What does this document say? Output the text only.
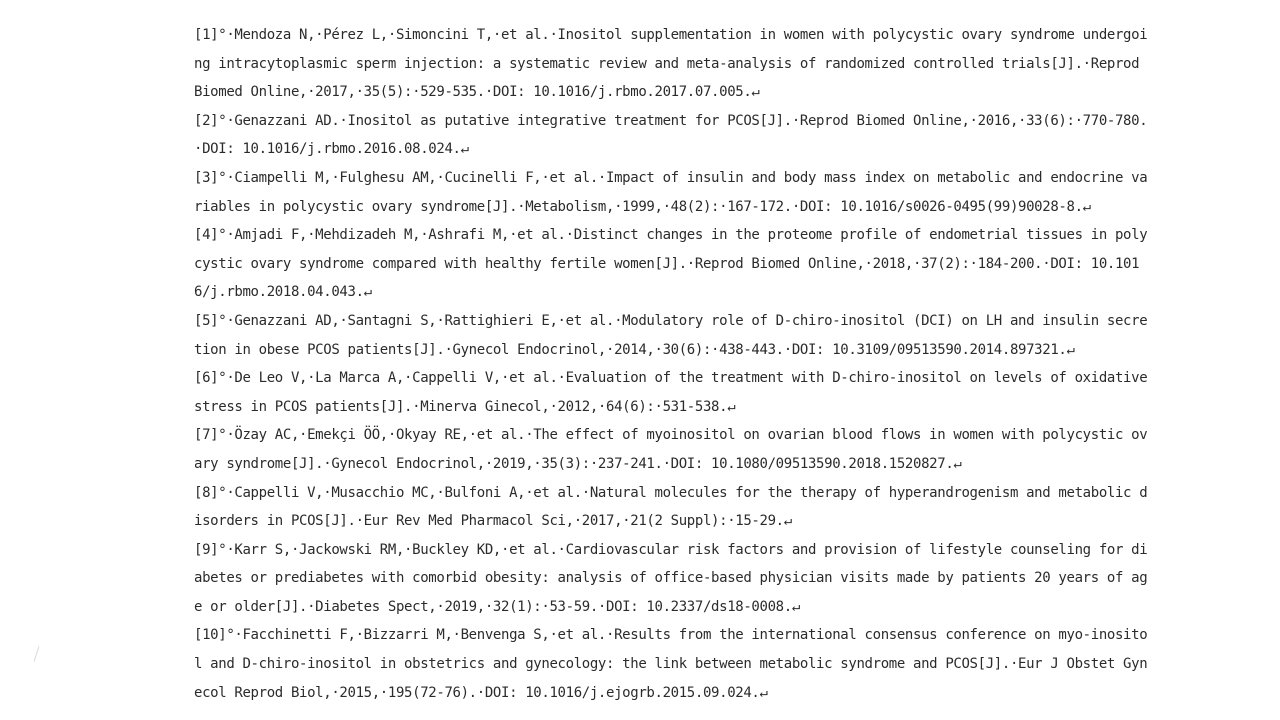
[1]°·Mendoza N,·Pérez L,·Simoncini T,·et al.·Inositol supplementation in women with polycystic ovary syndrome undergoing intracytoplasmic sperm injection: a systematic review and meta-analysis of randomized controlled trials[J].·Reprod Biomed Online,·2017,·35(5):·529-535.·DOI: 10.1016/j.rbmo.2017.07.005.↵

[2]°·Genazzani AD.·Inositol as putative integrative treatment for PCOS[J].·Reprod Biomed Online,·2016,·33(6):·770-780.·DOI: 10.1016/j.rbmo.2016.08.024.↵

[3]°·Ciampelli M,·Fulghesu AM,·Cucinelli F,·et al.·Impact of insulin and body mass index on metabolic and endocrine variables in polycystic ovary syndrome[J].·Metabolism,·1999,·48(2):·167-172.·DOI: 10.1016/s0026-0495(99)90028-8.↵

[4]°·Amjadi F,·Mehdizadeh M,·Ashrafi M,·et al.·Distinct changes in the proteome profile of endometrial tissues in polycystic ovary syndrome compared with healthy fertile women[J].·Reprod Biomed Online,·2018,·37(2):·184-200.·DOI: 10.1016/j.rbmo.2018.04.043.↵

[5]°·Genazzani AD,·Santagni S,·Rattighieri E,·et al.·Modulatory role of D-chiro-inositol (DCI) on LH and insulin secretion in obese PCOS patients[J].·Gynecol Endocrinol,·2014,·30(6):·438-443.·DOI: 10.3109/09513590.2014.897321.↵

[6]°·De Leo V,·La Marca A,·Cappelli V,·et al.·Evaluation of the treatment with D-chiro-inositol on levels of oxidative stress in PCOS patients[J].·Minerva Ginecol,·2012,·64(6):·531-538.↵

[7]°·Özay AC,·Emekçi ÖÖ,·Okyay RE,·et al.·The effect of myoinositol on ovarian blood flows in women with polycystic ovary syndrome[J].·Gynecol Endocrinol,·2019,·35(3):·237-241.·DOI: 10.1080/09513590.2018.1520827.↵

[8]°·Cappelli V,·Musacchio MC,·Bulfoni A,·et al.·Natural molecules for the therapy of hyperandrogenism and metabolic disorders in PCOS[J].·Eur Rev Med Pharmacol Sci,·2017,·21(2 Suppl):·15-29.↵

[9]°·Karr S,·Jackowski RM,·Buckley KD,·et al.·Cardiovascular risk factors and provision of lifestyle counseling for diabetes or prediabetes with comorbid obesity: analysis of office-based physician visits made by patients 20 years of age or older[J].·Diabetes Spect,·2019,·32(1):·53-59.·DOI: 10.2337/ds18-0008.↵

[10]°·Facchinetti F,·Bizzarri M,·Benvenga S,·et al.·Results from the international consensus conference on myo-inositol and D-chiro-inositol in obstetrics and gynecology: the link between metabolic syndrome and PCOS[J].·Eur J Obstet Gynecol Reprod Biol,·2015,·195(72-76).·DOI: 10.1016/j.ejogrb.2015.09.024.↵
